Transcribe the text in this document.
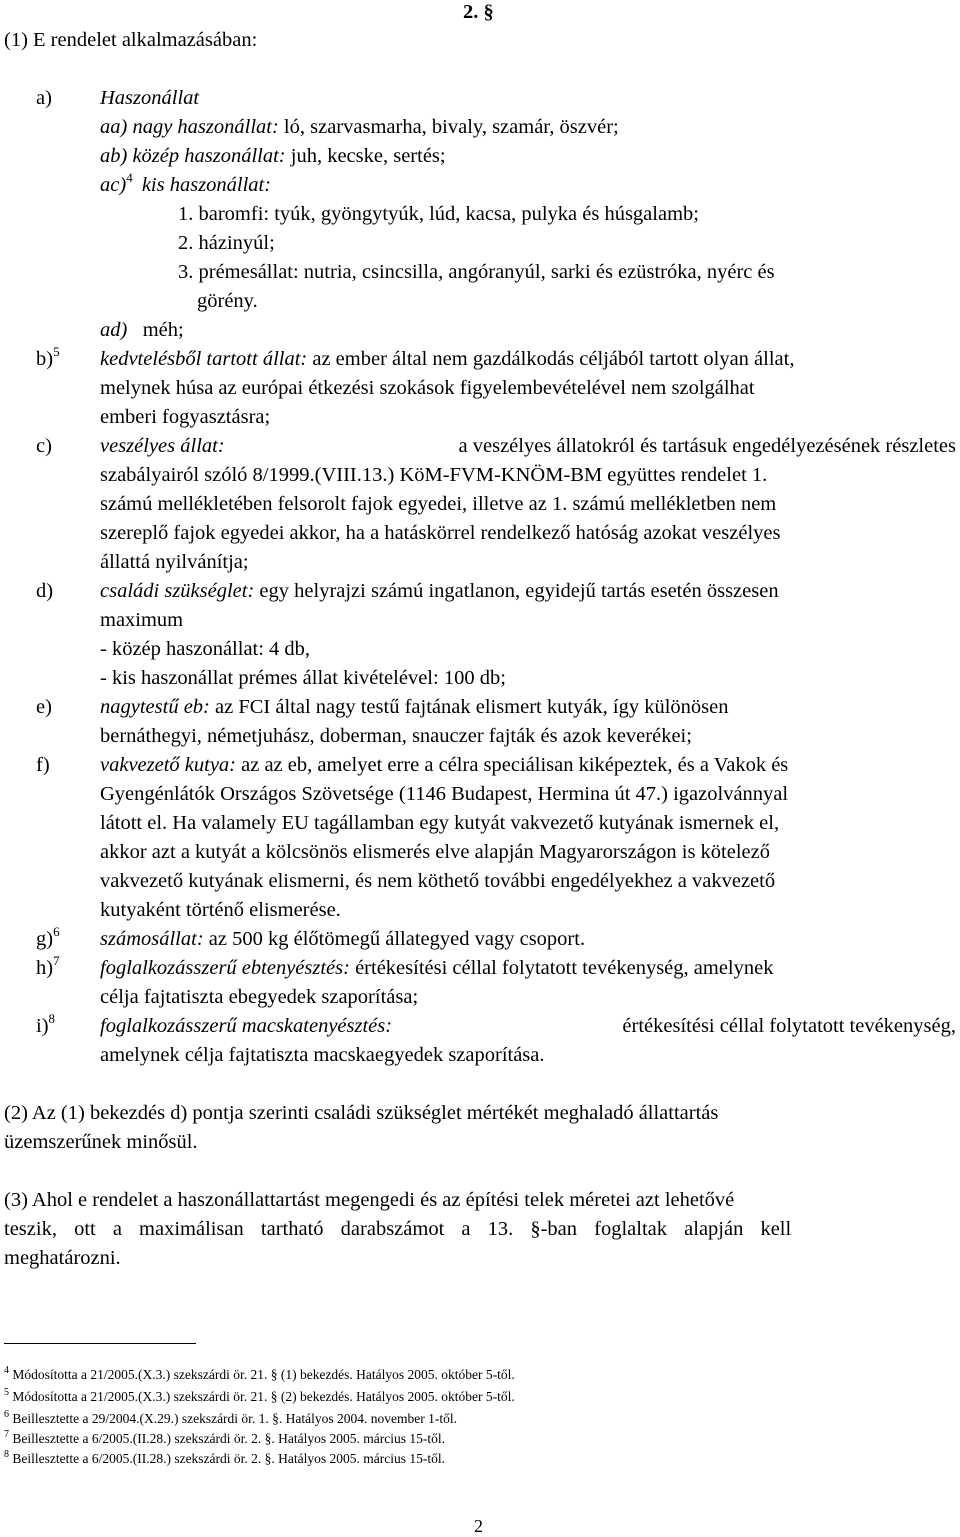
(1) E rendelet alkalmazásában:
2. §
a) Haszonállat
aa) nagy haszonállat: ló, szarvasmarha, bivaly, szamár, öszvér;
ab) közép haszonállat: juh, kecske, sertés;
ac)$^4$ kis haszonállat:
1. baromfi: tyúk, gyöngytyúk, lúd, kacsa, pulyka és húsgalamb;
2. házinyúl;
3. prémesállat: nutria, csincsilla, angóranyúl, sarki és ezüstróka, nyérc és
görény.
ad) méh;
b)$^5$ kedvtelésből tartott állat: az ember által nem gazdálkodás céljából tartott olyan állat,
melynek húsa az európai étkezési szokások figyelembevételével nem szolgálhat
emberi fogyasztásra;
c) veszélyes állat:	a veszélyes állatokról és tartásuk engedélyezésének részletes
szabályairól szóló 8/1999.(VIII.13.) KöM-FVM-KNÖM-BM együttes rendelet 1.
számú mellékletében felsorolt fajok egyedei, illetve az 1. számú mellékletben nem
szereplő fajok egyedei akkor, ha a hatáskörrel rendelkező hatóság azokat veszélyes
állattá nyilvánítja;
d) családi szükséglet: egy helyrajzi számú ingatlanon, egyidejű tartás esetén összesen
maximum
- közép haszonállat: 4 db,
- kis haszonállat prémes állat kivételével: 100 db;
e) nagytestű eb: az FCI által nagy testű fajtának elismert kutyák, így különösen
bernáthegyi, németjuhász, doberman, snauczer fajták és azok keverékei;
f) vakvezető kutya: az az eb, amelyet erre a célra speciálisan kiképeztek, és a Vakok és
Gyengénlátók Országos Szövetsége (1146 Budapest, Hermina út 47.) igazolvánnyal
látott el. Ha valamely EU tagállamban egy kutyát vakvezető kutyának ismernek el,
akkor azt a kutyát a kölcsönös elismerés elve alapján Magyarországon is kötelező
vakvezető kutyának elismerni, és nem köthető további engedélyekhez a vakvezető
kutyaként történő elismerése.
g)$^6$ számosállat: az 500 kg élőtömegű állategyed vagy csoport.
h)$^7$ foglalkozásszerű ebtenyésztés: értékesítési céllal folytatott tevékenység, amelynek
célja fajtatiszta ebegyedek szaporítása;
i)$^8$ foglalkozásszerű macskatenyésztés:	értékesítési céllal folytatott tevékenység,
amelynek célja fajtatiszta macskaegyedek szaporítása.
(2) Az (1) bekezdés d) pontja szerinti családi szükséglet mértékét meghaladó állattartás
üzemszerűnek minősül.
(3) Ahol e rendelet a haszonállattartást megengedi és az építési telek méretei azt lehetővé
teszik, ott a maximálisan tartható darabszámot a 13. §-ban foglaltak alapján kell
meghatározni.
$^4$ Módosította a 21/2005.(X.3.) szekszárdi ör. 21. § (1) bekezdés. Hatályos 2005. október 5-től.
$^5$ Módosította a 21/2005.(X.3.) szekszárdi ör. 21. § (2) bekezdés. Hatályos 2005. október 5-től.
$^6$ Beillesztette a 29/2004.(X.29.) szekszárdi ör. 1. §. Hatályos 2004. november 1-től.
$^7$ Beillesztette a 6/2005.(II.28.) szekszárdi ör. 2. §. Hatályos 2005. március 15-től.
$^8$ Beillesztette a 6/2005.(II.28.) szekszárdi ör. 2. §. Hatályos 2005. március 15-től.
2
